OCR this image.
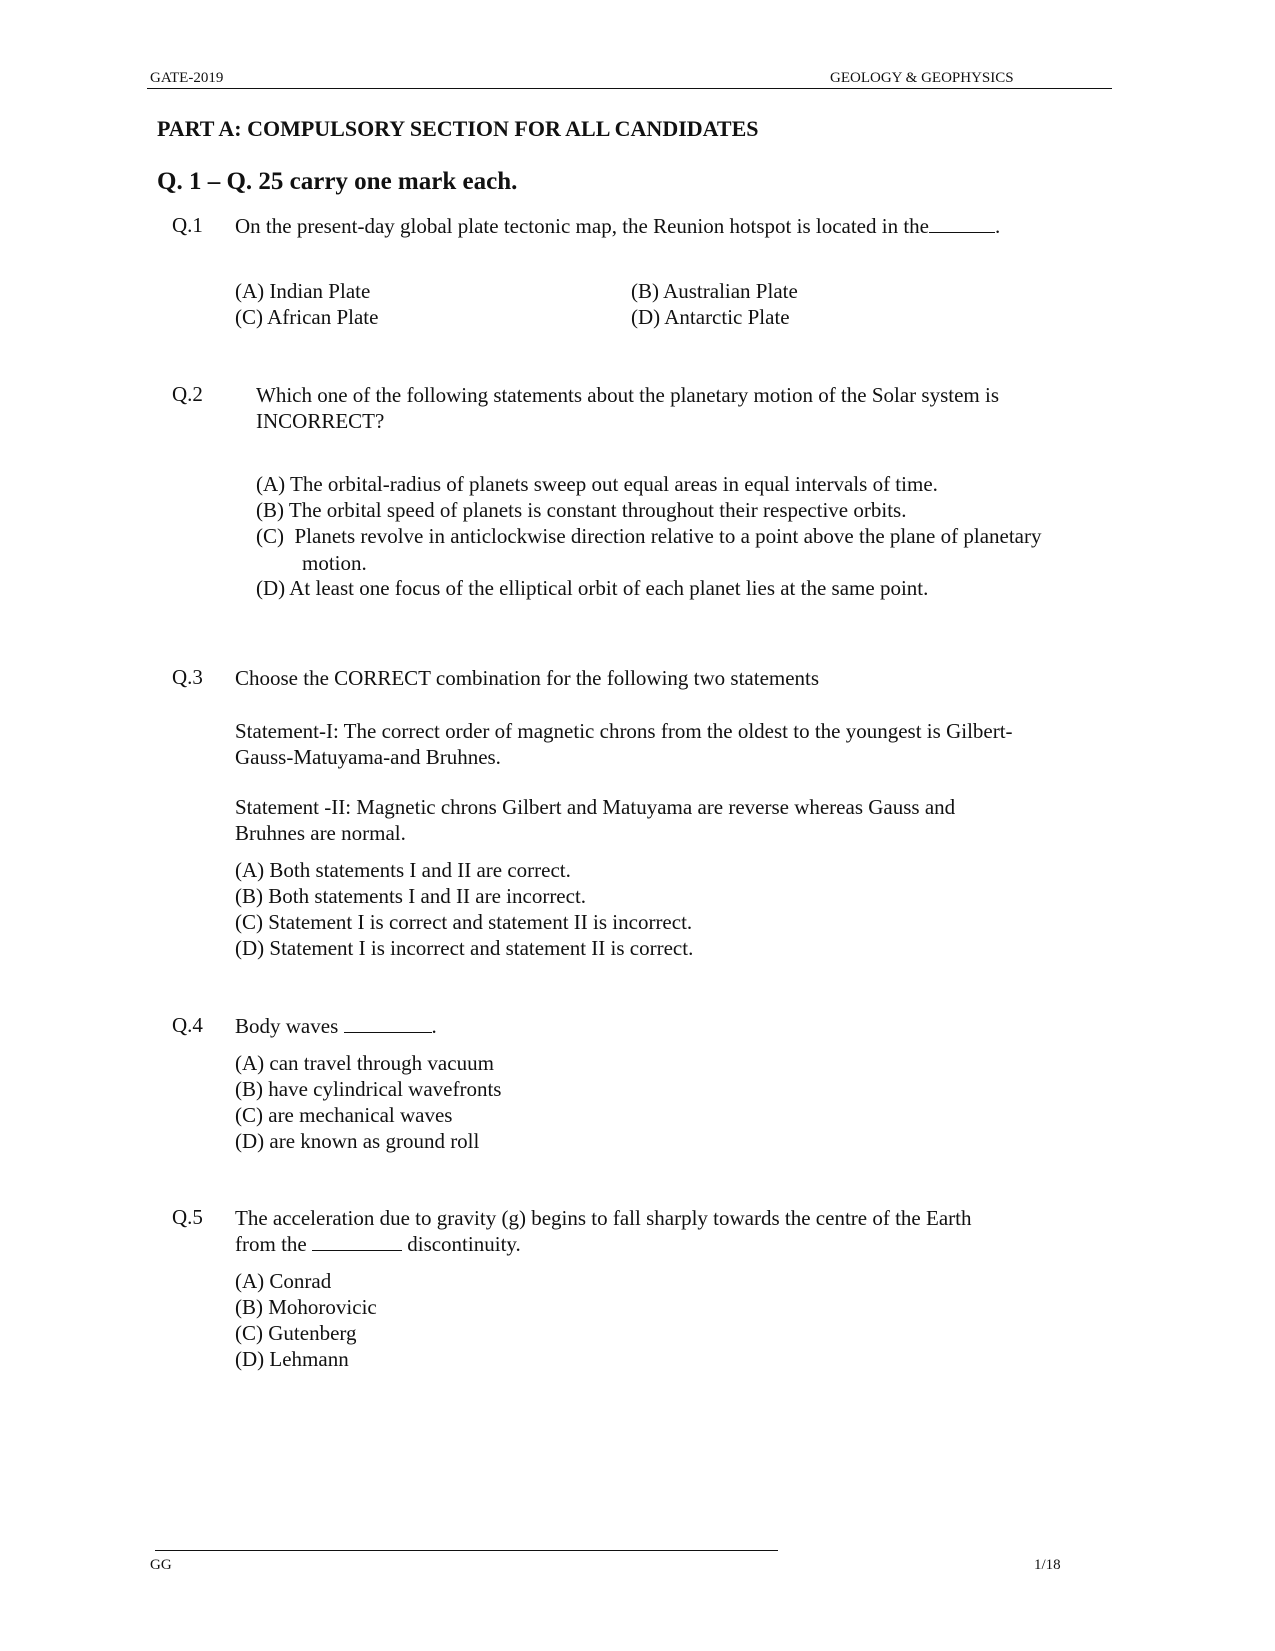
GATE-2019	GEOLOGY & GEOPHYSICS
PART A: COMPULSORY SECTION FOR ALL CANDIDATES
Q. 1 – Q. 25 carry one mark each.
Q.1 On the present-day global plate tectonic map, the Reunion hotspot is located in the	.
(A) Indian Plate	(B) Australian Plate
(C) African Plate	(D) Antarctic Plate
Q.2	Which one of the following statements about the planetary motion of the Solar system is INCORRECT?
(A) The orbital-radius of planets sweep out equal areas in equal intervals of time.
(B) The orbital speed of planets is constant throughout their respective orbits.
(C)  Planets revolve in anticlockwise direction relative to a point above the plane of planetary motion.
(D) At least one focus of the elliptical orbit of each planet lies at the same point.
Q.3 Choose the CORRECT combination for the following two statements
Statement-I: The correct order of magnetic chrons from the oldest to the youngest is Gilbert-Gauss-Matuyama-and Bruhnes.
Statement -II: Magnetic chrons Gilbert and Matuyama are reverse whereas Gauss and Bruhnes are normal.
(A) Both statements I and II are correct.
(B) Both statements I and II are incorrect.
(C) Statement I is correct and statement II is incorrect.
(D) Statement I is incorrect and statement II is correct.
Q.4 Body waves	.
(A) can travel through vacuum
(B) have cylindrical wavefronts
(C) are mechanical waves
(D) are known as ground roll
Q.5 The acceleration due to gravity (g) begins to fall sharply towards the centre of the Earth
from the	discontinuity.
(A) Conrad
(B) Mohorovicic
(C) Gutenberg
(D) Lehmann
GG	1/18
